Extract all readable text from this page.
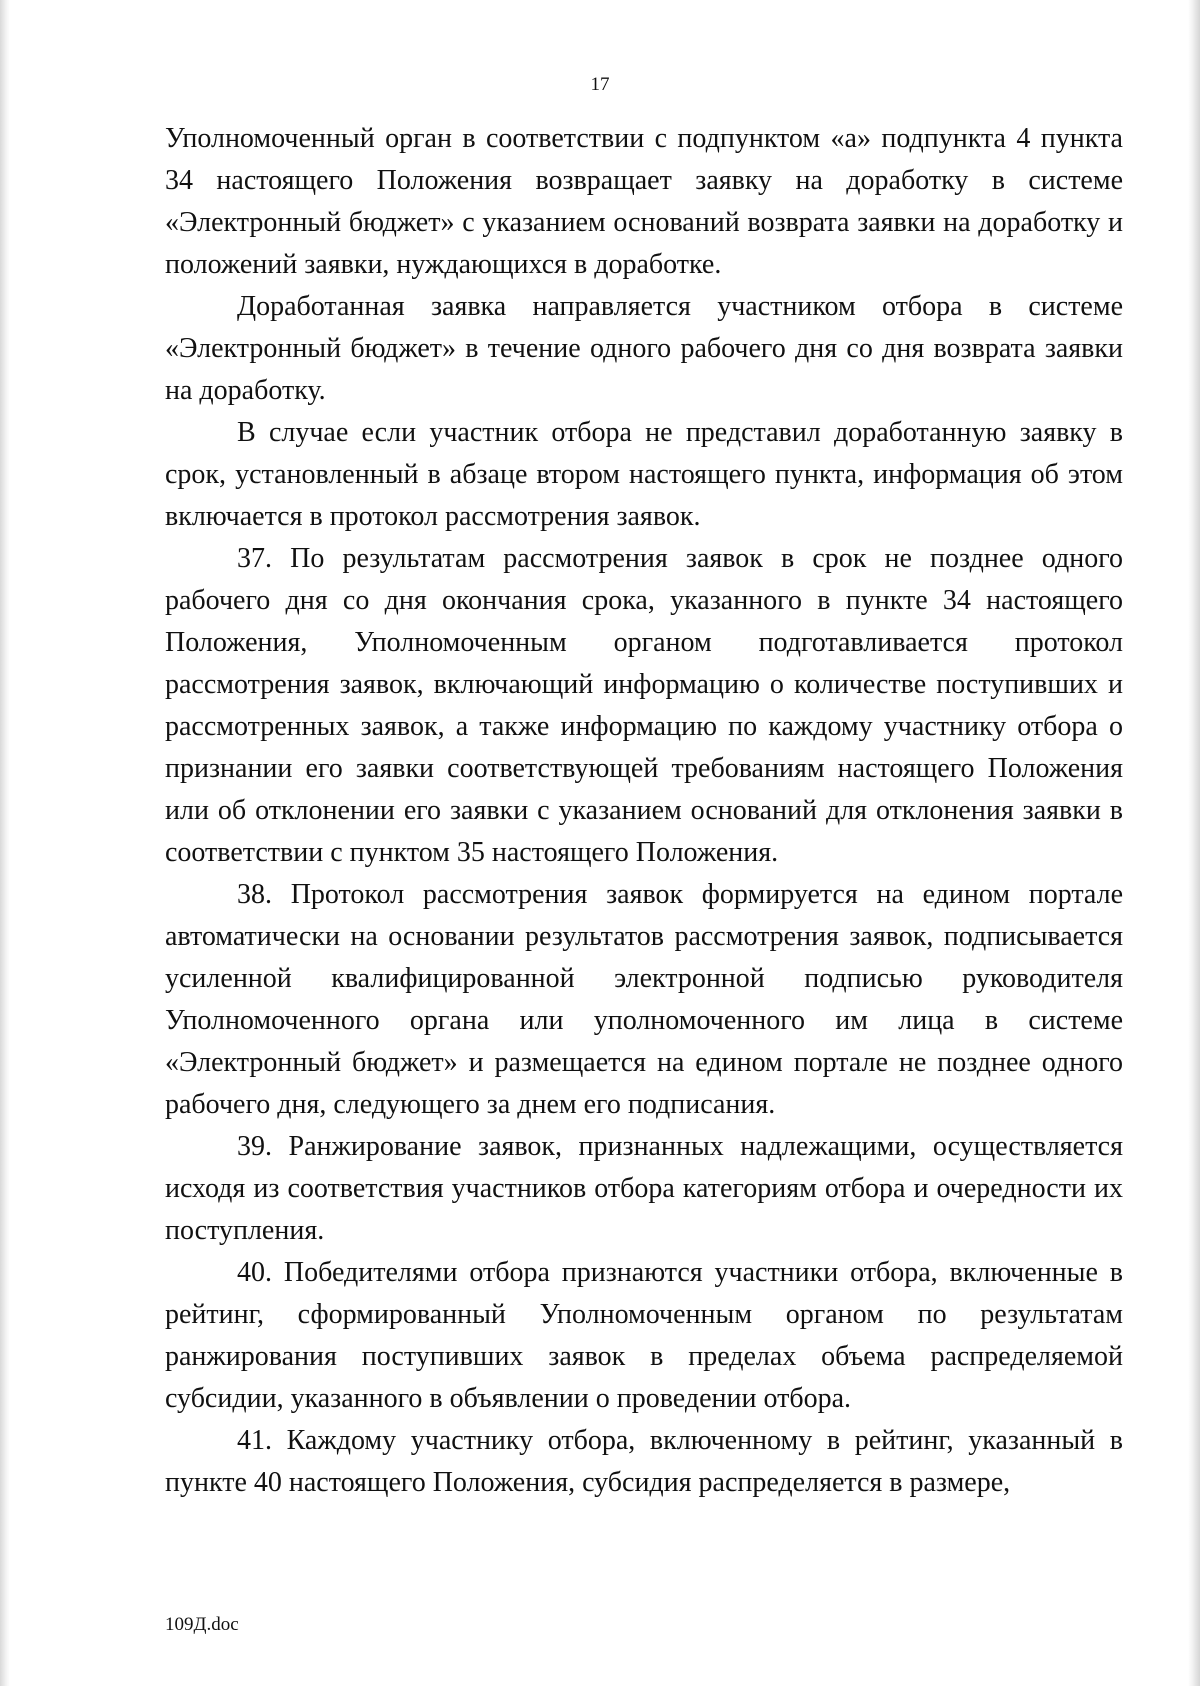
17

Уполномоченный орган в соответствии с подпунктом «а» подпункта 4 пункта 34 настоящего Положения возвращает заявку на доработку в системе «Электронный бюджет» с указанием оснований возврата заявки на доработку и положений заявки, нуждающихся в доработке.

Доработанная заявка направляется участником отбора в системе «Электронный бюджет» в течение одного рабочего дня со дня возврата заявки на доработку.

В случае если участник отбора не представил доработанную заявку в срок, установленный в абзаце втором настоящего пункта, информация об этом включается в протокол рассмотрения заявок.

37. По результатам рассмотрения заявок в срок не позднее одного рабочего дня со дня окончания срока, указанного в пункте 34 настоящего Положения, Уполномоченным органом подготавливается протокол рассмотрения заявок, включающий информацию о количестве поступивших и рассмотренных заявок, а также информацию по каждому участнику отбора о признании его заявки соответствующей требованиям настоящего Положения или об отклонении его заявки с указанием оснований для отклонения заявки в соответствии с пунктом 35 настоящего Положения.

38. Протокол рассмотрения заявок формируется на едином портале автоматически на основании результатов рассмотрения заявок, подписывается усиленной квалифицированной электронной подписью руководителя Уполномоченного органа или уполномоченного им лица в системе «Электронный бюджет» и размещается на едином портале не позднее одного рабочего дня, следующего за днем его подписания.

39. Ранжирование заявок, признанных надлежащими, осуществляется исходя из соответствия участников отбора категориям отбора и очередности их поступления.

40. Победителями отбора признаются участники отбора, включенные в рейтинг, сформированный Уполномоченным органом по результатам ранжирования поступивших заявок в пределах объема распределяемой субсидии, указанного в объявлении о проведении отбора.

41. Каждому участнику отбора, включенному в рейтинг, указанный в пункте 40 настоящего Положения, субсидия распределяется в размере,

109Д.doc
